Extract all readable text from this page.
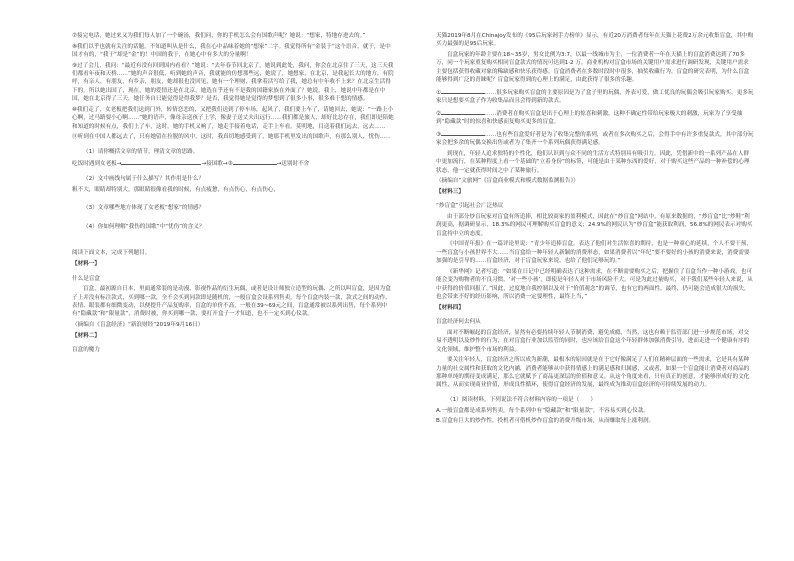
⑦接完电话，她过来又为我们每人加了一个碗汤，我们问，你的手机怎么会有国歌声呢？她说：“想家，特地存进去的。”

⑧我们以乎也就有关注的话题，不知道叫从是什么，我在心中品味着她的“想家”二字。我觉得所有“金装于”这个语音，就于，是中国才有的，“我于”却是“金”的！中国的我于，在她心中有多大的分量啊！

⑨过了会儿，我问：“最近有没有回到国内看看？”她说：“去年春节回北京了，她说到此处，我问，你会在北京住了三天，这三天我们都看年夜和天桥……”她的声音很低，听到她的声音，我就能的仿想那些远，她说了，她想家，在北京，是我起长大的地方，有院呼，有亲人，有朋友，有乡亲，朋友，她却很也没回见，她有一个理财，我拿着活写给了我，她总有中年收不上来？在北京生活得下的，所以她出国了，现在，她的爱情还是在北京，她选在乎还有不是我的国籍家族在外面了？她说，我上，她说中年都是在中国，她在北京得了三天，她任务自只能觉得是得我梦？是否，我觉得她是觉得的梦想到了很多小事，很多难于想的情感。

⑩我们走了，女老板把我们送到门外，转情恋恋的，又把我们送到了停车场，起风了，我们要上车了，请她回去，她说：“一路上小心啊，过马路要小心啊……”她的语声，像母亲送孩子上学，像妻子送丈夫出远行……我们都是旅人，却好比总存在，我们即是陪她和知道的时候有点，我们上了车，这时，她的手机又响了，她走手接着电话，走手上车看，莫明地，目送着我们远去，远去……

⑪听到在中国人都远去了，只有她留在拉脱的风中，这时，我真切地感受到了，她那手机里发出的国歌声，有那么别人，忧伤……

（1）请你概括文章的情节，理清文章的思路。

吃饭时遇到女老板→	→接国歌→③	→送别时不舍

（2）文中画线句属于什么描写？其作用是什么？

粗不大，眼睛却特别大，那眼睛很像看我的时候，有点疲惫，有点伤心，有点伤心，

（3）文章哪些地方体现了女老板“想家”的情感？

（4）你如何理解“我伤的国歌”中“忧伤”的含义？

阅读下面文本，完成下列题目。

【材料一】

什么是盲盒

盲盒，最初源自日本，里面通常装的是动漫、影视作品的衍生玩偶，或者是设计师独立造型的玩偶，之所以叫盲盒，是因为盒子上并没有标注款式，买到哪一款，全不会买到同款即是随机的，一般盲盒会设系列售卖，每个盲盒内装一款，款式之间的动作、表情、眼装都有细微变动，以便提升产品复购率，盲盒的单价不高，一般在39~69元之间，盲盒通常被以系列出售，每个系列中有“隐藏款”和“限量款”，消费时被，你买到哪一款，要打开盒子一才知道，也不一定买到心仪款。

（摘编自《盲盒经济》“新浪财经”2019年9月16日）

【材料二】

盲盒的魔力

天猫2019年8月在Chinajoy发布的《95后玩家剁手力榜单》显示，有近20万消费者每年在天猫上花费2万余元收集盲盒，其中购买力最强的是95后玩家。

盲盒玩家的年龄主要在18~35岁，男女比例为3:7，以最一线城市为主，一位消费者一年在天猫上的盲盒消费达到了70多万，同一个玩家重复购买相同盲盒款式的情况可达到1·2 万。商业机构对盲盒市场的关键用户需求进行调研发现，关键用户需求主要包括获得收藏对象的稀缺感和快乐获得感。盲盒消费者在多数时段时中很多，抽奖收藏行为，盲盒的研究表明，为什么盲盒能够得到广泛的青睐呢？盲盒玩家得到的心理上的满足，由此获得了很多的乐趣。

①	……很多玩家购买盲盒的主要原因是为了盒子里的玩偶，外表可爱，做工优良的玩偶会吸引玩家购买，更多玩家只是想要买盒子作为收集品而且会得到新的款式。

②	……消费者在购买盲盒是出于心理上的惊喜和刺激，这种不确定性带给玩家极大的刺激，玩家为了享受抽到“隐藏款”时的惊喜和快感而复购买更多的盲盒。

③	……也有些盲盒爱好者是为了收集完整的系列，或者在多次购买之后，会得手中有许多重复款式，其中部分玩家会把多余的玩偶交换出售或者为了集齐一个系列玩偶获得满足感。

到现在，年轻人追求独特的个性化，他们认识到与众不同的生活方式特别具有吸引力。因此，凭借新中的一系列产品在人群中更加流行，在某种程度上看一个基础的“立着身份”的标签，可能是由于某种东西的爱好，对于购买这些产品的一种补偿的心理状态，他一定就获得时间之中了某种旅行。

（摘编自“文旅网”《盲盒商业模式和模式数据监测报告》）

【材料三】

“炒盲盒”引起社会广泛热议

由于部分炒盲玩家对盲盒有所追捧，相比较商家的盈利模式，因此在“炒盲盒”网站中，有原来数据的，“炒盲盒”比“炒鞋”利润更高，据调研显示，18.3%的网民可理解购买盲盒的意义；24.9%的网民认为“炒盲盒”能获取利润，56.8%的网民表示对购买盲盒持中立的态度。

《中国青年报》在一篇评论里说：“青少年追捧盲盒，表达了他们对生活惊喜的期待，也是一种童心的延续，个人不要干预，一些盲盒与小孩世界不大……当盲盒给一种年轻人新颖的消费形态，如果消费者以“年纪”要不要好的小孩的消费来说，消费需要加强的是引导的……盲盒经济，对于盲盒玩家来说，也给了他们足够玩的。”

《新华网》记者写道：“如果在日记中已经明确表达了这种需求，在不断需要购买之后，把握住了盲盒当作一种小游戏，也可能会变为购物者的不良习惯，‘对一些小孩’，即使是年轻人对于市场风险不大，可是为此过量购买，对于我们某些年轻人来说，从中获得的价值回报了。”因此，过度地自我控制以及对于“价值观念”的调节，也有它的两面性，最终，仍可能会造成很大的损失，也会带来不好的经历影响，所以消费一定要理性，最终上当，”

【材料四】

盲盒经济何去何从

面对不断崛起的盲盒经济，显然有必要持续年轻人节制消费，避免成瘾，当然，这也有赖于监管部门进一步规范市场，对交易不透明以及炒作的行为，在对盲盒行业加以监管的同时，也应该给盲盒这个年轻群体加强消费引导，进而走进一个健康有序的文化领域，维护整个市场的利益。

要关注年轻人，盲盒经济之所以成为新潮，最根本的原因就是在于它好像满足了人们在精神层面的一些需求，它是具有某种力量的社交属性和获取的文化内涵，消费者能够从中获得情感上的满足感和归属感，又或者，如果一个盲盒能让消费者对商品的那种单纯的期待变成满足，那么它就赋予了商品更深层的价值和意义。从这个角度来看，只有真正的创意，才能够形成好的文化属性，从而实现商业价值，形成良性循环，使得盲盒经济的发展，最终成为推动盲盒经济的可持续发展的动力。

（1）阅读材料，下列说法不符合材料内容的一项是（　　）

A.一般盲盒都是成系列售卖，每个系列中有“隐藏款”和“限量款”，不容易买到心仪款。

B.盲盒有巨大的炒作性，投机者可借机炒作盲盒的消费升级市场，从而赚取每上涨利润。
